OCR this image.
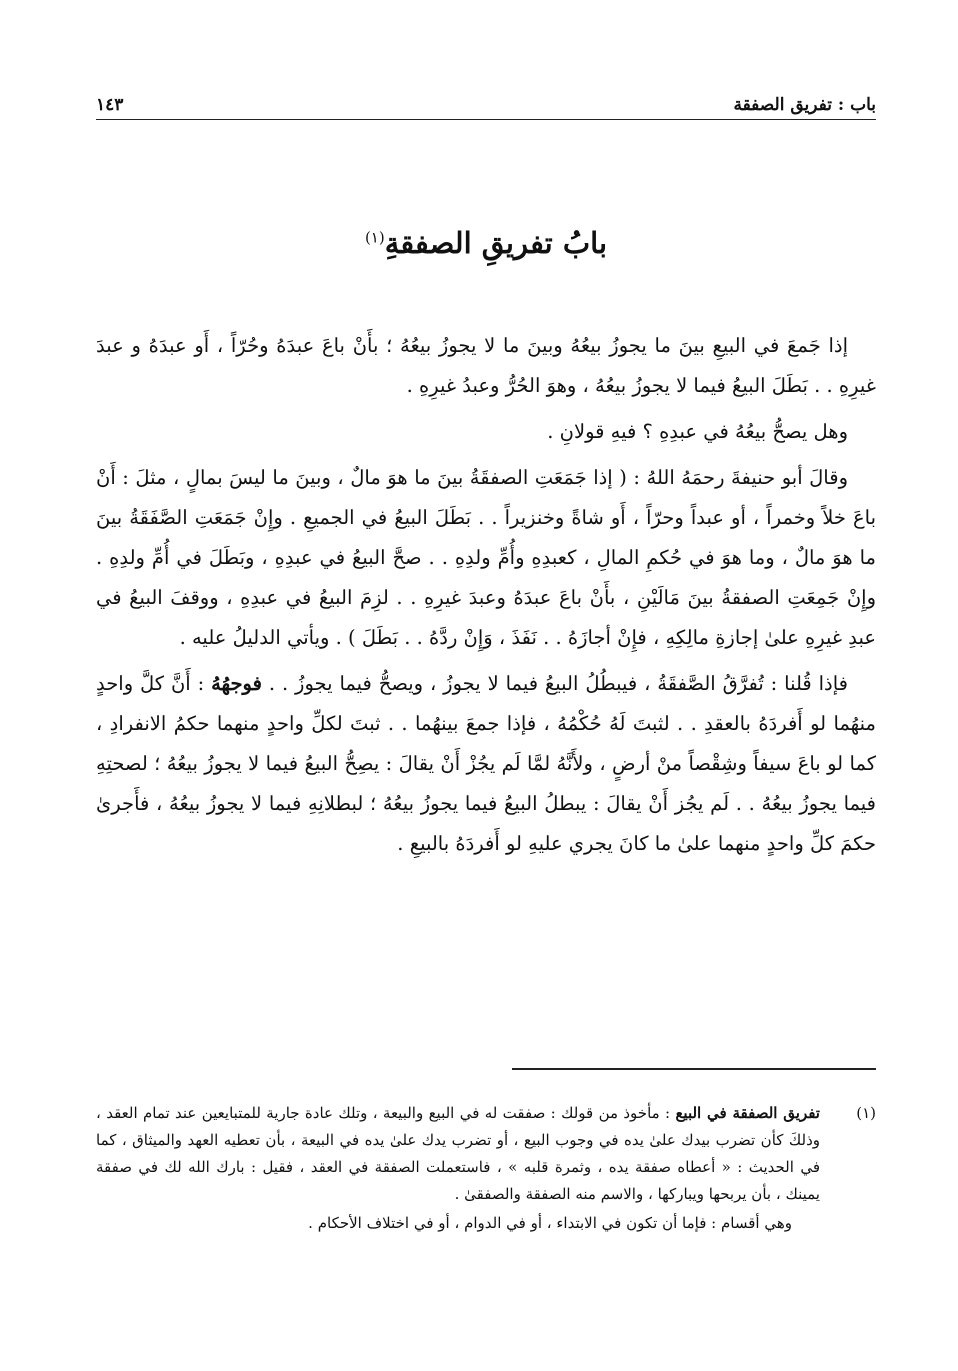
باب : تفريق الصفقة
١٤٣
بابُ تفريقِ الصفقةِ$^{(١)}$

إذا جَمعَ في البيعِ بينَ ما يجوزُ بيعُهُ وبينَ ما لا يجوزُ بيعُهُ ؛ بأَنْ باعَ عبدَهُ وحُرّاً ، أَو عبدَهُ و عبدَ غيرِهِ . . بَطَلَ البيعُ فيما لا يجوزُ بيعُهُ ، وهوَ الحُرُّ وعبدُ غيرِهِ .

وهل يصحُّ بيعُهُ في عبدِهِ ؟ فيهِ قولانِ .

وقالَ أبو حنيفةَ رحمَهُ اللهُ : ( إذا جَمَعَتِ الصفقَةُ بينَ ما هوَ مالٌ ، وبينَ ما ليسَ بمالٍ ، مثلَ : أَنْ باعَ خلاً وخمراً ، أو عبداً وحرّاً ، أَو شاةً وخنزيراً . . بَطَلَ البيعُ في الجميعِ . وإِنْ جَمَعَتِ الصَّفَقَةُ بينَ ما هوَ مالٌ ، وما هوَ في حُكمِ المالِ ، كعبدِهِ وأُمِّ ولدِهِ . . صحَّ البيعُ في عبدِهِ ، وبَطَلَ في أُمِّ ولدِهِ . وإِنْ جَمِعَتِ الصفقةُ بينَ مَالَيْنِ ، بأَنْ باعَ عبدَهُ وعبدَ غيرِهِ . . لزِمَ البيعُ في عبدِهِ ، ووقفَ البيعُ في عبدِ غيرِهِ علىٰ إجازةِ مالِكِهِ ، فإِنْ أجازَهُ . . نَفَذَ ، وَإِنْ ردَّهُ . . بَطَلَ ) . ويأتي الدليلُ عليه .

فإذا قُلنا : تُفرَّقُ الصَّفقَةُ ، فيبطُلُ البيعُ فيما لا يجوزُ ، ويصحُّ فيما يجوزُ . . فوجهُهُ : أَنَّ كلَّ واحدٍ منهُما لو أَفردَهُ بالعقدِ . . لثبتَ لَهُ حُكْمُهُ ، فإذا جمعَ بينهُما . . ثبتَ لكلِّ واحدٍ منهما حكمُ الانفرادِ ، كما لو باعَ سيفاً وشِقْصاً منْ أرضٍ ، ولأَنَّهُ لمَّا لَم يجُزْ أَنْ يقالَ : يصِحُّ البيعُ فيما لا يجوزُ بيعُهُ ؛ لصحتِهِ فيما يجوزُ بيعُهُ . . لَم يجُز أَنْ يقالَ : يبطلُ البيعُ فيما يجوزُ بيعُهُ ؛ لبطلانِهِ فيما لا يجوزُ بيعُهُ ، فأَجرىٰ حكمَ كلِّ واحدٍ منهما علىٰ ما كانَ يجري عليهِ لو أَفردَهُ بالبيعِ .

(١)
تفريق الصفقة في البيع : مأخوذ من قولك : صفقت له في البيع والبيعة ، وتلك عادة جارية للمتبايعين عند تمام العقد ، وذلكَ كأن تضرب بيدك علىٰ يده في وجوب البيع ، أو تضرب يدك علىٰ يده في البيعة ، بأن تعطيه العهد والميثاق ، كما في الحديث : « أعطاه صفقة يده ، وثمرة قلبه » ، فاستعملت الصفقة في العقد ، فقيل : بارك الله لك في صفقة يمينك ، بأن يربحها ويباركها ، والاسم منه الصفقة والصفقىٰ .
وهي أقسام : فإما أن تكون في الابتداء ، أو في الدوام ، أو في اختلاف الأحكام .
